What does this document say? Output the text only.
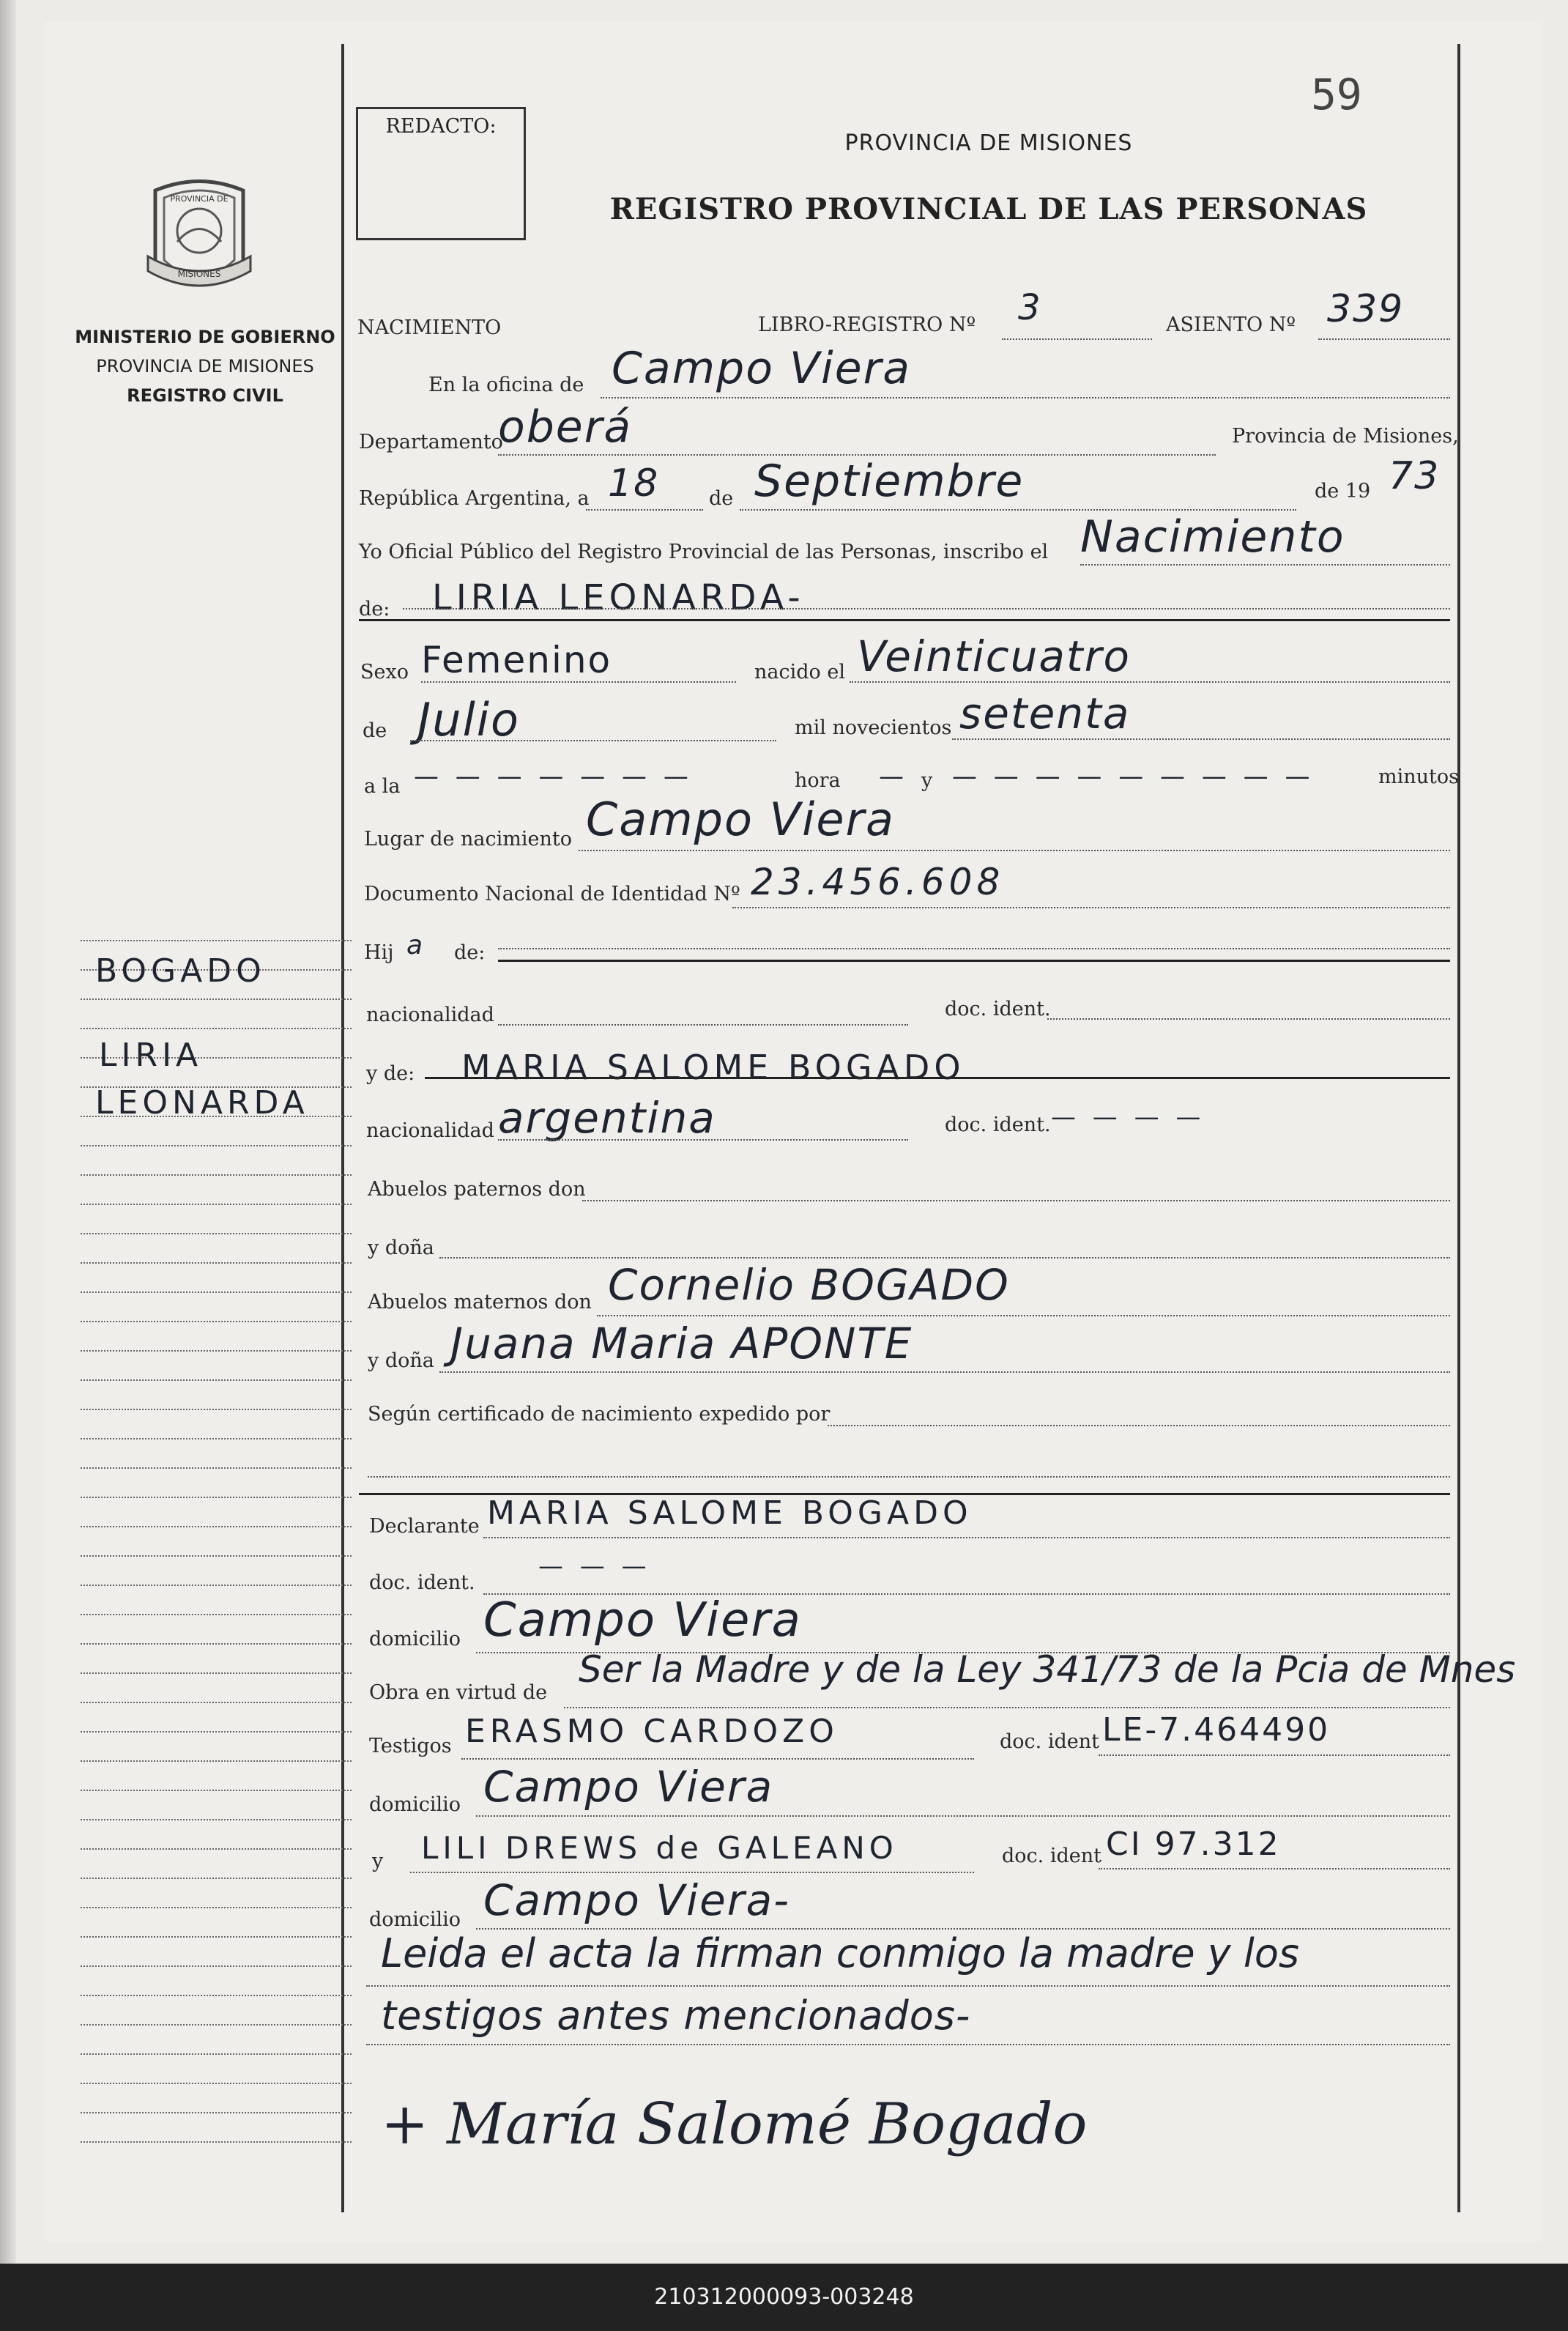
59
REDACTO:
PROVINCIA DE MISIONES
REGISTRO PROVINCIAL DE LAS PERSONAS
PROVINCIA DE
MISIONES
MINISTERIO DE GOBIERNO
PROVINCIA DE MISIONES
REGISTRO CIVIL
BOGADO
LIRIA
LEONARDA
NACIMIENTO	LIBRO-REGISTRO Nº 3	ASIENTO Nº 339
En la oficina de Campo Viera
Departamento
oberá	Provincia de Misiones,
República Argentina, a 18	de Septiembre	de 19 73
Yo Oficial Público del Registro Provincial de las Personas, inscribo el Nacimiento
de: LIRIA LEONARDA-
Sexo Femenino	nacido el Veinticuatro
de Julio	mil novecientos setenta
a la — — — — — — —	hora — y — — — — — — — — —	minutos
Lugar de nacimiento Campo Viera
Documento Nacional de Identidad Nº 23.456.608
Hij a de:
nacionalidad	doc. ident.
y de: MARIA SALOME BOGADO
nacionalidad argentina	doc. ident. — — — —
Abuelos paternos don
y doña
Abuelos maternos don Cornelio BOGADO
y doña Juana Maria APONTE
Según certificado de nacimiento expedido por
Declarante MARIA SALOME BOGADO
doc. ident.
— — —
domicilio Campo Viera
Obra en virtud de
Ser la Madre y de la Ley 341/73 de la Pcia de Mnes
Testigos ERASMO CARDOZO	doc. ident LE-7.464490
domicilio Campo Viera
y LILI DREWS de GALEANO	doc. ident CI 97.312
domicilio Campo Viera-
Leida el acta la firman conmigo la madre y los
testigos antes mencionados-
+ María Salomé Bogado
210312000093-003248
